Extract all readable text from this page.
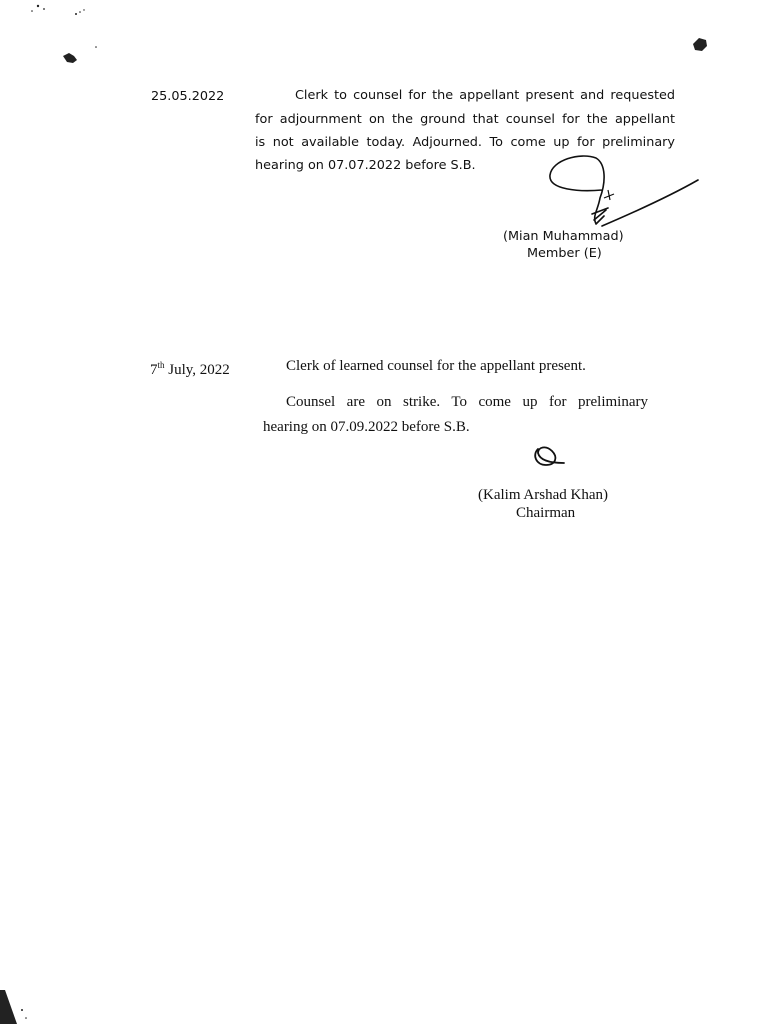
25.05.2022	Clerk to counsel for the appellant present and requested
for adjournment on the ground that counsel for the appellant
is not available today. Adjourned. To come up for preliminary
hearing on 07.07.2022 before S.B.
(Mian Muhammad)
Member (E)
7th July, 2022	Clerk of learned counsel for the appellant present.
Counsel are on strike. To come up for preliminary
hearing on 07.09.2022 before S.B.
(Kalim Arshad Khan)
Chairman
